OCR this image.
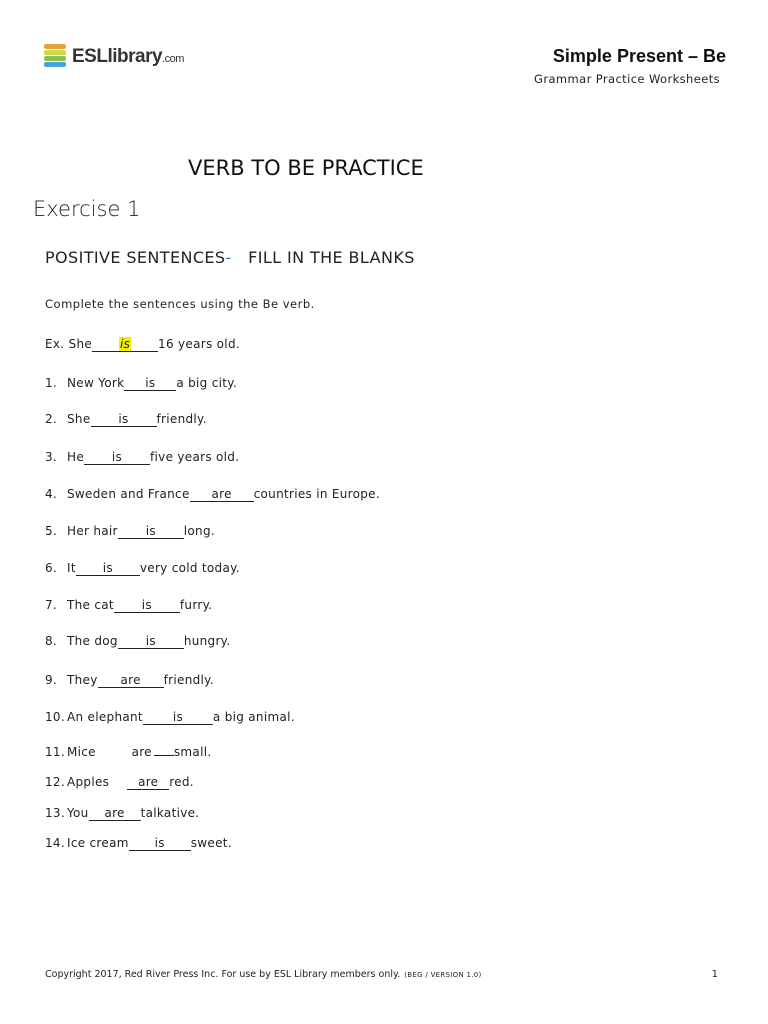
ESLlibrary.com	Simple Present – Be
Grammar Practice Worksheets
VERB TO BE PRACTICE
Exercise 1
POSITIVE SENTENCES- FILL IN THE BLANKS
Complete the sentences using the Be verb.
Ex. She is 16 years old.
1. New York is a big city.
2. She is friendly.
3. He is five years old.
4. Sweden and France are countries in Europe.
5. Her hair is long.
6. It is very cold today.
7. The cat is furry.
8. The dog is hungry.
9. They are friendly.
10. An elephant is a big animal.
11. Mice	are small.
12. Apples are red.
13. You are talkative.
14. Ice cream is sweet.
Copyright 2017, Red River Press Inc. For use by ESL Library members only. (BEG / VERSION 1.0)	1
